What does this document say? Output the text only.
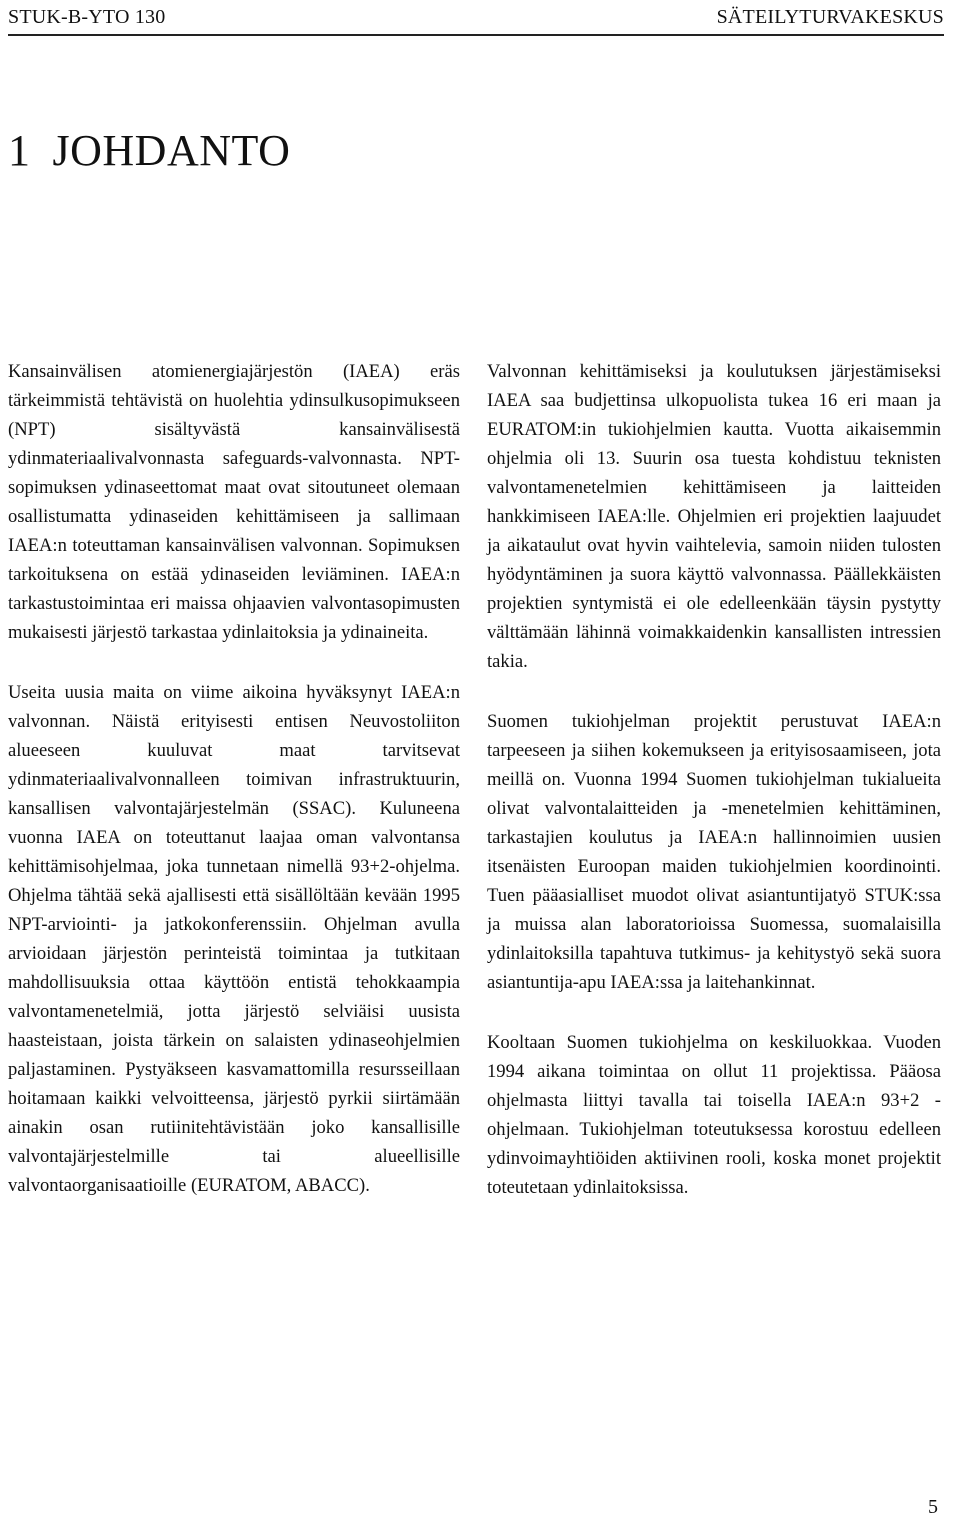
STUK-B-YTO 130	SÄTEILYTURVAKESKUS
1 JOHDANTO

Kansainvälisen atomienergiajärjestön (IAEA) eräs tärkeimmistä tehtävistä on huolehtia ydinsulkusopimukseen (NPT) sisältyvästä kansainvälisestä ydinmateriaalivalvonnasta safeguards-valvonnasta. NPT-sopimuksen ydinaseettomat maat ovat sitoutuneet olemaan osallistumatta ydinaseiden kehittämiseen ja sallimaan IAEA:n toteuttaman kansainvälisen valvonnan. Sopimuksen tarkoituksena on estää ydinaseiden leviäminen. IAEA:n tarkastustoimintaa eri maissa ohjaavien valvontasopimusten mukaisesti järjestö tarkastaa ydinlaitoksia ja ydinaineita.

Useita uusia maita on viime aikoina hyväksynyt IAEA:n valvonnan. Näistä erityisesti entisen Neuvostoliiton alueeseen kuuluvat maat tarvitsevat ydinmateriaalivalvonnalleen toimivan infrastruktuurin, kansallisen valvontajärjestelmän (SSAC). Kuluneena vuonna IAEA on toteuttanut laajaa oman valvontansa kehittämisohjelmaa, joka tunnetaan nimellä 93+2-ohjelma. Ohjelma tähtää sekä ajallisesti että sisällöltään kevään 1995 NPT-arviointi- ja jatkokonferenssiin. Ohjelman avulla arvioidaan järjestön perinteistä toimintaa ja tutkitaan mahdollisuuksia ottaa käyttöön entistä tehokkaampia valvontamenetelmiä, jotta järjestö selviäisi uusista haasteistaan, joista tärkein on salaisten ydinaseohjelmien paljastaminen. Pystyäkseen kasvamattomilla resursseillaan hoitamaan kaikki velvoitteensa, järjestö pyrkii siirtämään ainakin osan rutiinitehtävistään joko kansallisille valvontajärjestelmille tai alueellisille valvontaorganisaatioille (EURATOM, ABACC).

Valvonnan kehittämiseksi ja koulutuksen järjestämiseksi IAEA saa budjettinsa ulkopuolista tukea 16 eri maan ja EURATOM:in tukiohjelmien kautta. Vuotta aikaisemmin ohjelmia oli 13. Suurin osa tuesta kohdistuu teknisten valvontamenetelmien kehittämiseen ja laitteiden hankkimiseen IAEA:lle. Ohjelmien eri projektien laajuudet ja aikataulut ovat hyvin vaihtelevia, samoin niiden tulosten hyödyntäminen ja suora käyttö valvonnassa. Päällekkäisten projektien syntymistä ei ole edelleenkään täysin pystytty välttämään lähinnä voimakkaidenkin kansallisten intressien takia.

Suomen tukiohjelman projektit perustuvat IAEA:n tarpeeseen ja siihen kokemukseen ja erityisosaamiseen, jota meillä on. Vuonna 1994 Suomen tukiohjelman tukialueita olivat valvontalaitteiden ja -menetelmien kehittäminen, tarkastajien koulutus ja IAEA:n hallinnoimien uusien itsenäisten Euroopan maiden tukiohjelmien koordinointi. Tuen pääasialliset muodot olivat asiantuntijatyö STUK:ssa ja muissa alan laboratorioissa Suomessa, suomalaisilla ydinlaitoksilla tapahtuva tutkimus- ja kehitystyö sekä suora asiantuntija-apu IAEA:ssa ja laitehankinnat.

Kooltaan Suomen tukiohjelma on keskiluokkaa. Vuoden 1994 aikana toimintaa on ollut 11 projektissa. Pääosa ohjelmasta liittyi tavalla tai toisella IAEA:n 93+2 -ohjelmaan. Tukiohjelman toteutuksessa korostuu edelleen ydinvoimayhtiöiden aktiivinen rooli, koska monet projektit toteutetaan ydinlaitoksissa.

5
